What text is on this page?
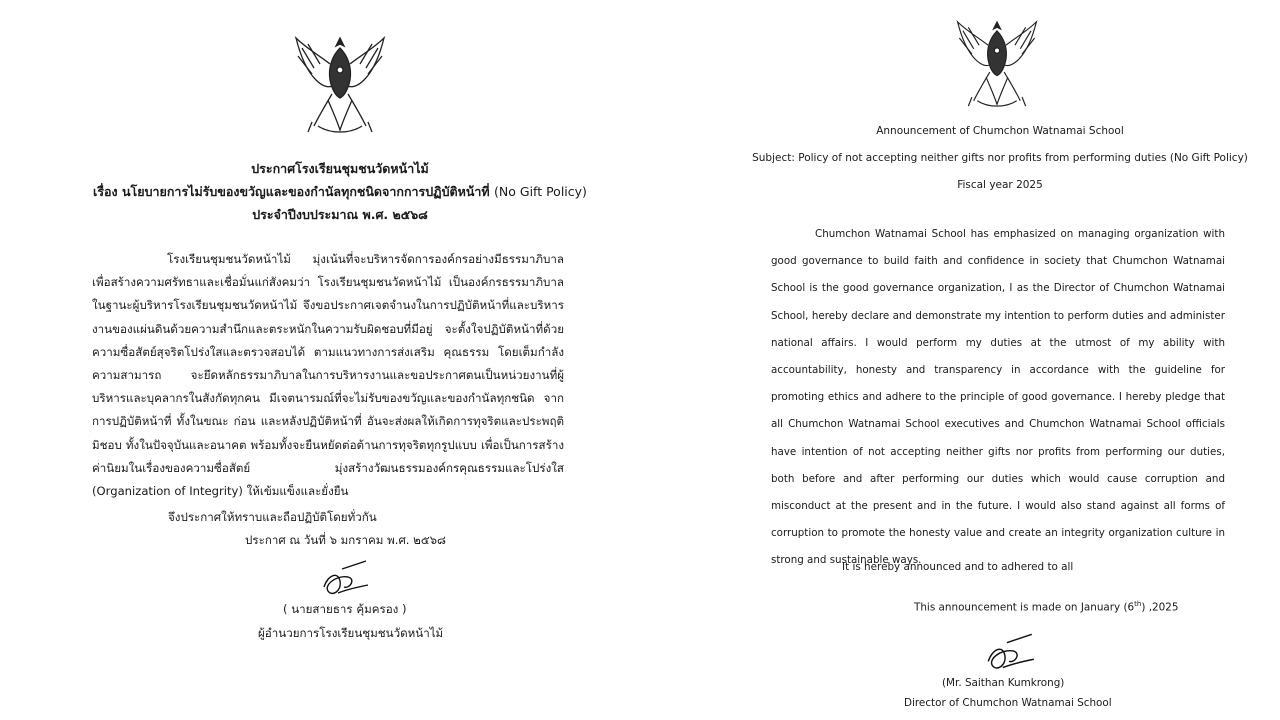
ประกาศโรงเรียนชุมชนวัดหน้าไม้

เรื่อง นโยบายการไม่รับของขวัญและของกำนัลทุกชนิดจากการปฏิบัติหน้าที่ (No Gift Policy)

ประจำปีงบประมาณ พ.ศ. ๒๕๖๘

โรงเรียนชุมชนวัดหน้าไม้ มุ่งเน้นที่จะบริหารจัดการองค์กรอย่างมีธรรมาภิบาล เพื่อสร้างความศรัทธาและเชื่อมั่นแก่สังคมว่า โรงเรียนชุมชนวัดหน้าไม้ เป็นองค์กรธรรมาภิบาล ในฐานะผู้บริหารโรงเรียนชุมชนวัดหน้าไม้ จึงขอประกาศเจตจำนงในการปฏิบัติหน้าที่และบริหารงานของแผ่นดินด้วยความสำนึกและตระหนักในความรับผิดชอบที่มีอยู่ จะตั้งใจปฏิบัติหน้าที่ด้วยความซื่อสัตย์สุจริตโปร่งใสและตรวจสอบได้ ตามแนวทางการส่งเสริม คุณธรรม โดยเต็มกำลังความสามารถ จะยึดหลักธรรมาภิบาลในการบริหารงานและขอประกาศตนเป็นหน่วยงานที่ผู้บริหารและบุคลากรในสังกัดทุกคน มีเจตนารมณ์ที่จะไม่รับของขวัญและของกำนัลทุกชนิด จากการปฏิบัติหน้าที่ ทั้งในขณะ ก่อน และหลังปฏิบัติหน้าที่ อันจะส่งผลให้เกิดการทุจริตและประพฤติมิชอบ ทั้งในปัจจุบันและอนาคต พร้อมทั้งจะยืนหยัดต่อต้านการทุจริตทุกรูปแบบ เพื่อเป็นการสร้างค่านิยมในเรื่องของความซื่อสัตย์ มุ่งสร้างวัฒนธรรมองค์กรคุณธรรมและโปร่งใส (Organization of Integrity) ให้เข้มแข็งและยั่งยืน

จึงประกาศให้ทราบและถือปฏิบัติโดยทั่วกัน

ประกาศ ณ วันที่ ๖ มกราคม พ.ศ. ๒๕๖๘

( นายสายธาร คุ้มครอง )

ผู้อำนวยการโรงเรียนชุมชนวัดหน้าไม้

Announcement of Chumchon Watnamai School

Subject: Policy of not accepting neither gifts nor profits from performing duties (No Gift Policy)

Fiscal year 2025

Chumchon Watnamai School has emphasized on managing organization with good governance to build faith and confidence in society that Chumchon Watnamai School is the good governance organization, I as the Director of Chumchon Watnamai School, hereby declare and demonstrate my intention to perform duties and administer national affairs. I would perform my duties at the utmost of my ability with accountability, honesty and transparency in accordance with the guideline for promoting ethics and adhere to the principle of good governance. I hereby pledge that all Chumchon Watnamai School executives and Chumchon Watnamai School officials have intention of not accepting neither gifts nor profits from performing our duties, both before and after performing our duties which would cause corruption and misconduct at the present and in the future. I would also stand against all forms of corruption to promote the honesty value and create an integrity organization culture in strong and sustainable ways.

It is hereby announced and to adhered to all

This announcement is made on January (6th) ,2025

(Mr. Saithan Kumkrong)

Director of Chumchon Watnamai School
